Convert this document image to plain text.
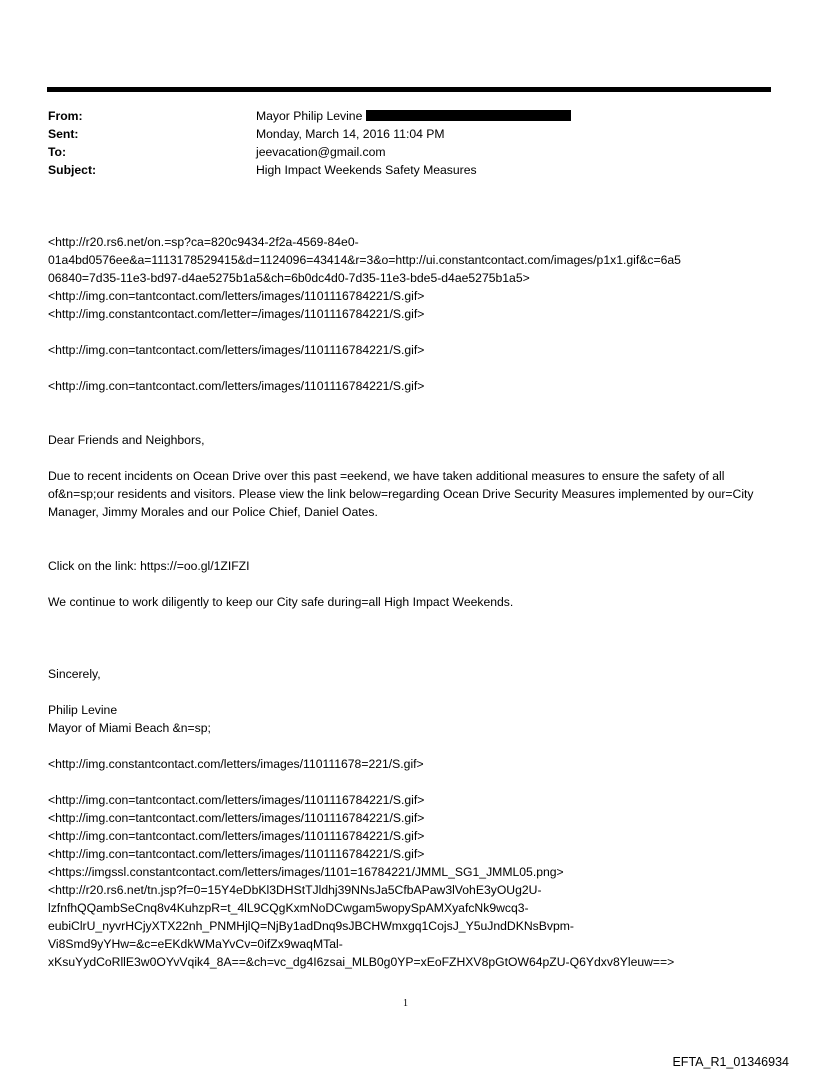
From:	Mayor Philip Levine
Sent:	Monday, March 14, 2016 11:04 PM
To:	jeevacation@gmail.com
Subject:	High Impact Weekends Safety Measures
<http://r20.rs6.net/on.=sp?ca=820c9434-2f2a-4569-84e0-
01a4bd0576ee&a=1113178529415&d=1124096=43414&r=3&o=http://ui.constantcontact.com/images/p1x1.gif&c=6a5
06840=7d35-11e3-bd97-d4ae5275b1a5&ch=6b0dc4d0-7d35-11e3-bde5-d4ae5275b1a5>
<http://img.con=tantcontact.com/letters/images/1101116784221/S.gif>
<http://img.constantcontact.com/letter=/images/1101116784221/S.gif>
<http://img.con=tantcontact.com/letters/images/1101116784221/S.gif>
<http://img.con=tantcontact.com/letters/images/1101116784221/S.gif>
Dear Friends and Neighbors,
Due to recent incidents on Ocean Drive over this past =eekend, we have taken additional measures to ensure the safety of all of&n=sp;our residents and visitors. Please view the link below=regarding Ocean Drive Security Measures implemented by our=City Manager, Jimmy Morales and our Police Chief, Daniel Oates.
Click on the link: https://=oo.gl/1ZIFZI
We continue to work diligently to keep our City safe during=all High Impact Weekends.
Sincerely,
Philip Levine
Mayor of Miami Beach &n=sp;
<http://img.constantcontact.com/letters/images/110111678=221/S.gif>
<http://img.con=tantcontact.com/letters/images/1101116784221/S.gif>
<http://img.con=tantcontact.com/letters/images/1101116784221/S.gif>
<http://img.con=tantcontact.com/letters/images/1101116784221/S.gif>
<http://img.con=tantcontact.com/letters/images/1101116784221/S.gif>
<https://imgssl.constantcontact.com/letters/images/1101=16784221/JMML_SG1_JMML05.png>
<http://r20.rs6.net/tn.jsp?f=0=15Y4eDbKl3DHStTJldhj39NNsJa5CfbAPaw3lVohE3yOUg2U-
lzfnfhQQambSeCnq8v4KuhzpR=t_4lL9CQgKxmNoDCwgam5wopySpAMXyafcNk9wcq3-
eubiClrU_nyvrHCjyXTX22nh_PNMHjlQ=NjBy1adDnq9sJBCHWmxgq1CojsJ_Y5uJndDKNsBvpm-
Vi8Smd9yYHw=&c=eEKdkWMaYvCv=0ifZx9waqMTal-
xKsuYydCoRllE3w0OYvVqik4_8A==&ch=vc_dg4I6zsai_MLB0g0YP=xEoFZHXV8pGtOW64pZU-Q6Ydxv8Yleuw==>
1
EFTA_R1_01346934
